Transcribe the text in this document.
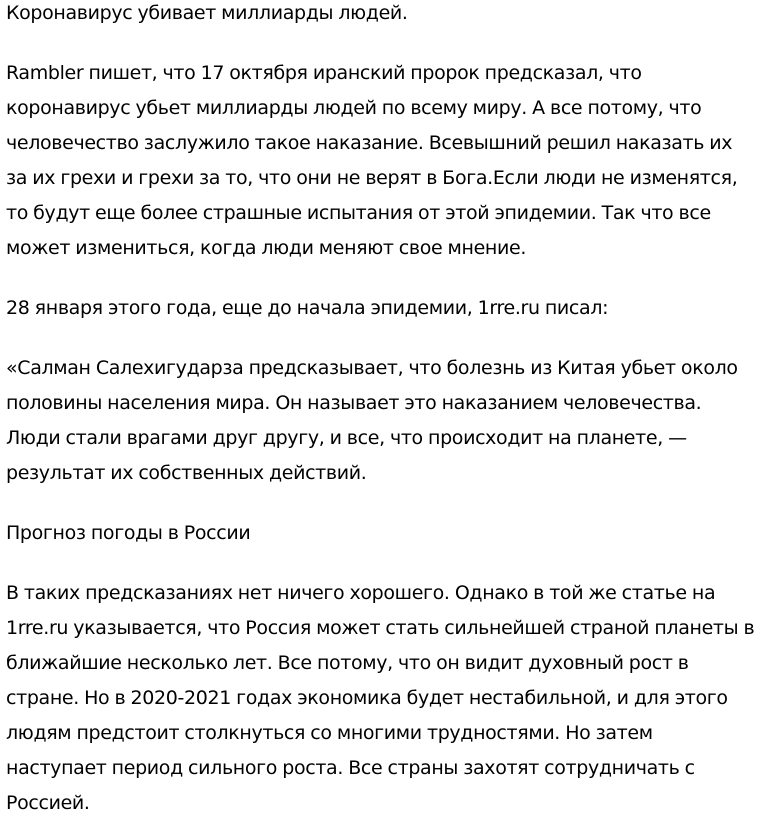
Коронавирус убивает миллиарды людей.

Rambler пишет, что 17 октября иранский пророк предсказал, что коронавирус убьет миллиарды людей по всему миру. А все потому, что человечество заслужило такое наказание. Всевышний решил наказать их за их грехи и грехи за то, что они не верят в Бога.Если люди не изменятся, то будут еще более страшные испытания от этой эпидемии. Так что все может измениться, когда люди меняют свое мнение.

28 января этого года, еще до начала эпидемии, 1rre.ru писал:

«Салман Салехигударза предсказывает, что болезнь из Китая убьет около половины населения мира. Он называет это наказанием человечества. Люди стали врагами друг другу, и все, что происходит на планете, — результат их собственных действий.

Прогноз погоды в России

В таких предсказаниях нет ничего хорошего. Однако в той же статье на 1rre.ru указывается, что Россия может стать сильнейшей страной планеты в ближайшие несколько лет. Все потому, что он видит духовный рост в стране. Но в 2020-2021 годах экономика будет нестабильной, и для этого людям предстоит столкнуться со многими трудностями. Но затем наступает период сильного роста. Все страны захотят сотрудничать с Россией.
